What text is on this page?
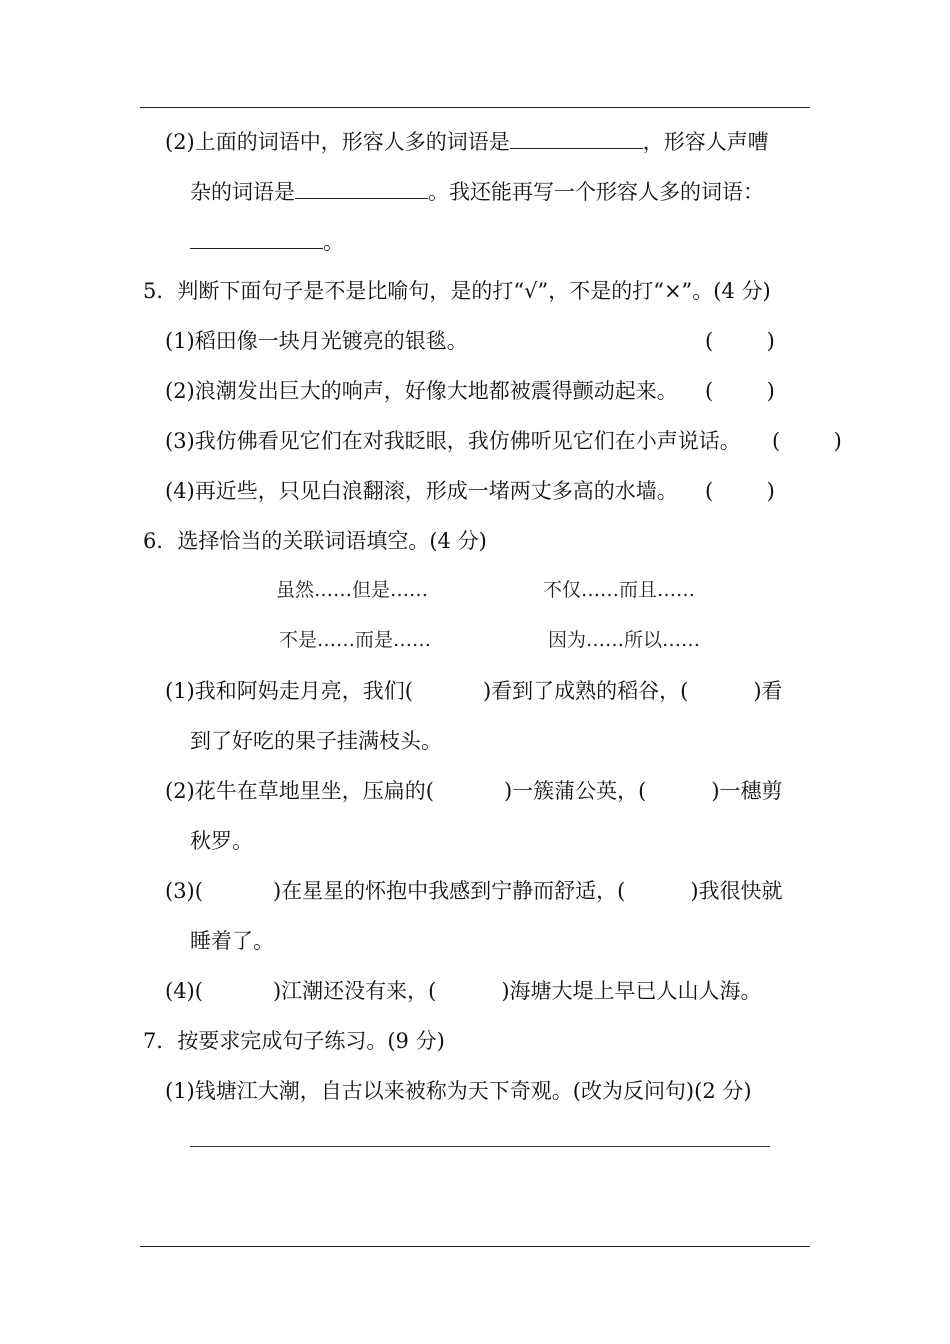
(2)上面的词语中，形容人多的词语是	，形容人声嘈
杂的词语是	。我还能再写一个形容人多的词语：
。
5．判断下面句子是不是比喻句，是的打“√”，不是的打“×”。(4 分)
(1)稻田像一块月光镀亮的银毯。	(        )
(2)浪潮发出巨大的响声，好像大地都被震得颤动起来。 (        )
(3)我仿佛看见它们在对我眨眼，我仿佛听见它们在小声说话。 (        )
(4)再近些，只见白浪翻滚，形成一堵两丈多高的水墙。 (        )
6．选择恰当的关联词语填空。(4 分)
虽然……但是……	不仅……而且……
不是……而是……	因为……所以……
(1)我和阿妈走月亮，我们(	)看到了成熟的稻谷，(	)看
到了好吃的果子挂满枝头。
(2)花牛在草地里坐，压扁的(	)一簇蒲公英，(	)一穗剪
秋罗。
(3)(	)在星星的怀抱中我感到宁静而舒适，(	)我很快就
睡着了。
(4)(	)江潮还没有来，(	)海塘大堤上早已人山人海。
7．按要求完成句子练习。(9 分)
(1)钱塘江大潮，自古以来被称为天下奇观。(改为反问句)(2 分)
